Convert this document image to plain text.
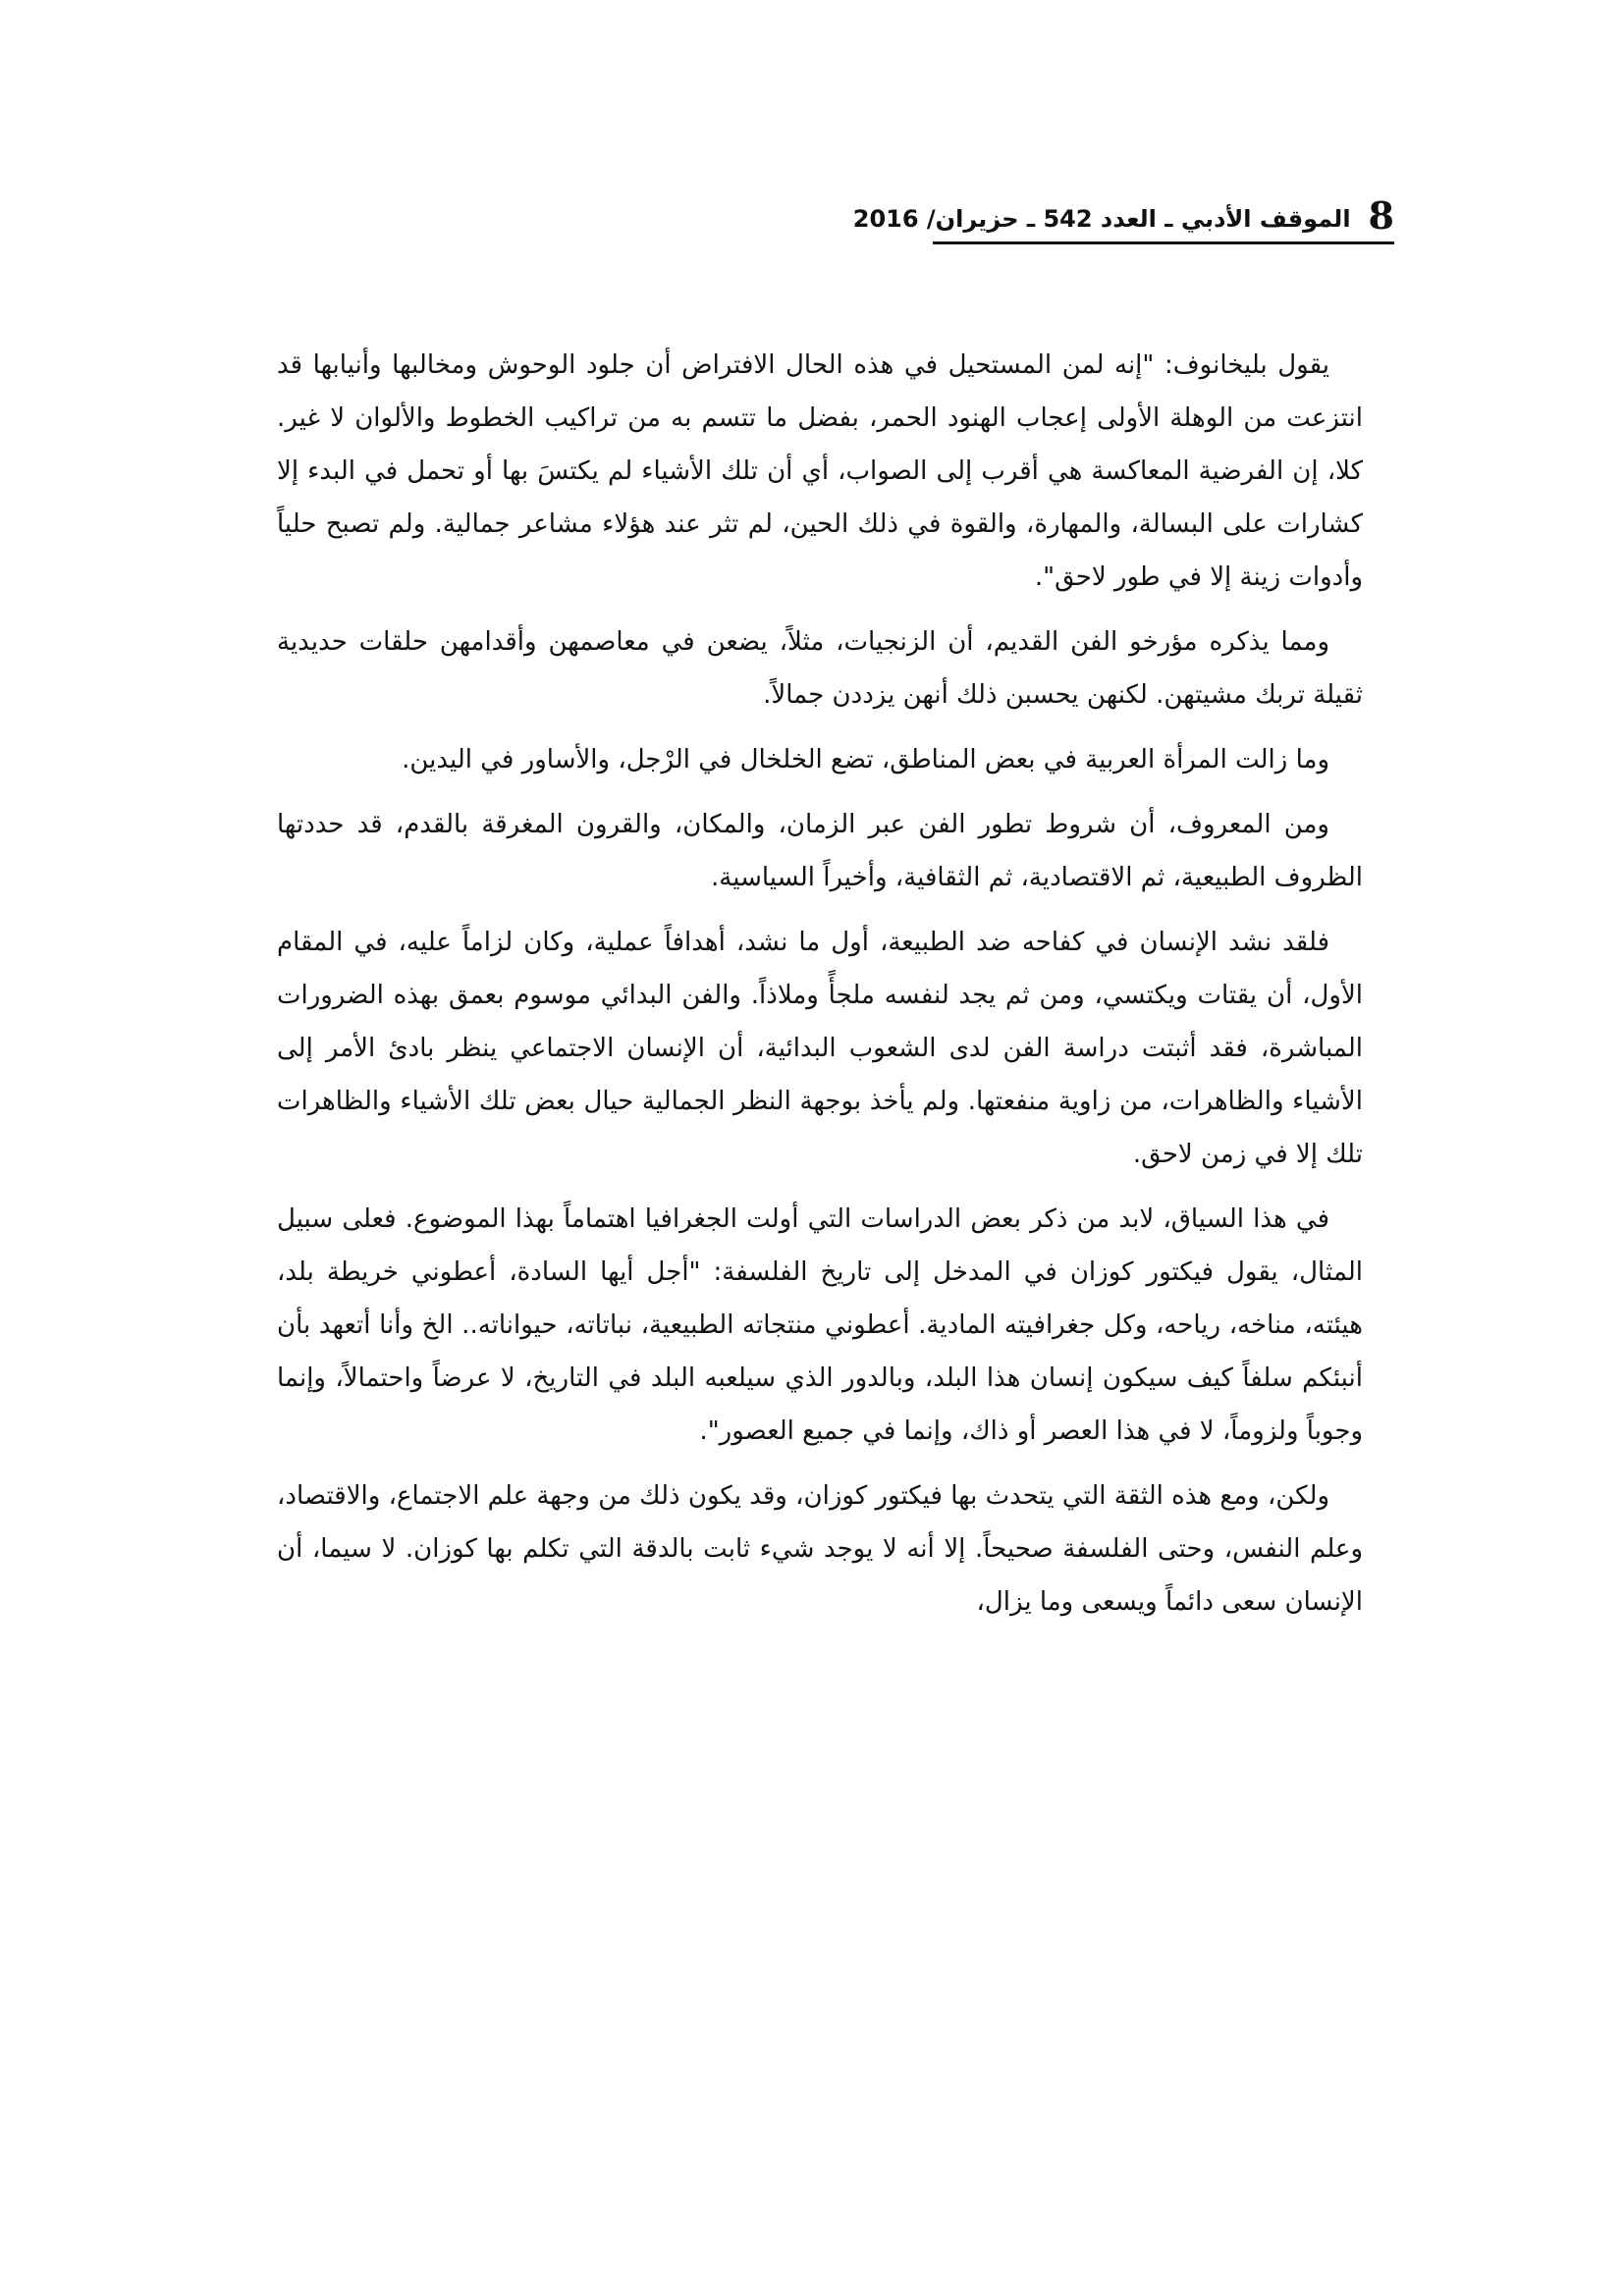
8
الموقف الأدبي ـ العدد 542 ـ حزيران/ 2016

يقول بليخانوف: "إنه لمن المستحيل في هذه الحال الافتراض أن جلود الوحوش ومخالبها وأنيابها قد انتزعت من الوهلة الأولى إعجاب الهنود الحمر، بفضل ما تتسم به من تراكيب الخطوط والألوان لا غير. كلا، إن الفرضية المعاكسة هي أقرب إلى الصواب، أي أن تلك الأشياء لم يكتسَ بها أو تحمل في البدء إلا كشارات على البسالة، والمهارة، والقوة في ذلك الحين، لم تثر عند هؤلاء مشاعر جمالية. ولم تصبح حلياً وأدوات زينة إلا في طور لاحق".

ومما يذكره مؤرخو الفن القديم، أن الزنجيات، مثلاً، يضعن في معاصمهن وأقدامهن حلقات حديدية ثقيلة تربك مشيتهن. لكنهن يحسبن ذلك أنهن يزددن جمالاً.

وما زالت المرأة العربية في بعض المناطق، تضع الخلخال في الرْجل، والأساور في اليدين.

ومن المعروف، أن شروط تطور الفن عبر الزمان، والمكان، والقرون المغرقة بالقدم، قد حددتها الظروف الطبيعية، ثم الاقتصادية، ثم الثقافية، وأخيراً السياسية.

فلقد نشد الإنسان في كفاحه ضد الطبيعة، أول ما نشد، أهدافاً عملية، وكان لزاماً عليه، في المقام الأول، أن يقتات ويكتسي، ومن ثم يجد لنفسه ملجأً وملاذاً. والفن البدائي موسوم بعمق بهذه الضرورات المباشرة، فقد أثبتت دراسة الفن لدى الشعوب البدائية، أن الإنسان الاجتماعي ينظر بادئ الأمر إلى الأشياء والظاهرات، من زاوية منفعتها. ولم يأخذ بوجهة النظر الجمالية حيال بعض تلك الأشياء والظاهرات تلك إلا في زمن لاحق.

في هذا السياق، لابد من ذكر بعض الدراسات التي أولت الجغرافيا اهتماماً بهذا الموضوع. فعلى سبيل المثال، يقول فيكتور كوزان في المدخل إلى تاريخ الفلسفة: "أجل أيها السادة، أعطوني خريطة بلد، هيئته، مناخه، رياحه، وكل جغرافيته المادية. أعطوني منتجاته الطبيعية، نباتاته، حيواناته.. الخ وأنا أتعهد بأن أنبئكم سلفاً كيف سيكون إنسان هذا البلد، وبالدور الذي سيلعبه البلد في التاريخ، لا عرضاً واحتمالاً، وإنما وجوباً ولزوماً، لا في هذا العصر أو ذاك، وإنما في جميع العصور".

ولكن، ومع هذه الثقة التي يتحدث بها فيكتور كوزان، وقد يكون ذلك من وجهة علم الاجتماع، والاقتصاد، وعلم النفس، وحتى الفلسفة صحيحاً. إلا أنه لا يوجد شيء ثابت بالدقة التي تكلم بها كوزان. لا سيما، أن الإنسان سعى دائماً ويسعى وما يزال،
